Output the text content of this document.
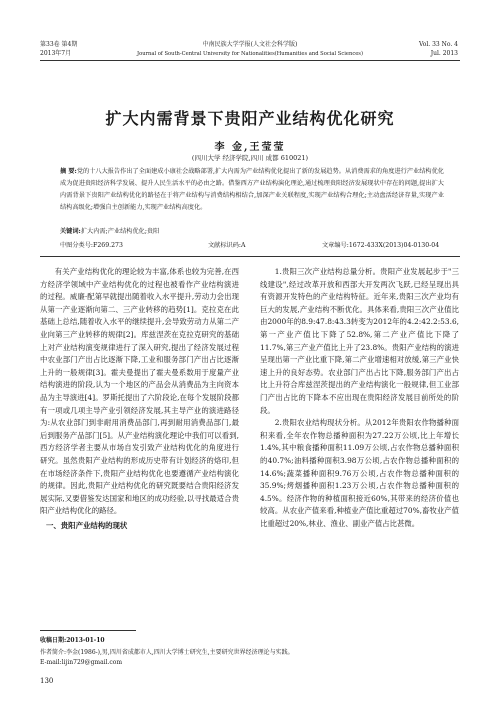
第33卷 第4期
2013年7月
中南民族大学学报(人文社会科学版)
Journal of South-Central University for Nationalities(Humanities and Social Sciences)
Vol. 33 No. 4
Jul. 2013
扩大内需背景下贵阳产业结构优化研究
李 金,王莹莹
(四川大学 经济学院,四川 成都 610021)
摘 要:党的十八大报告作出了全面建成小康社会战略部署,扩大内需为产业结构优化提出了新的发展趋势。从消费需求的角度进行产业结构优化成为促进贵阳经济科学发展、提升人民生活水平的必由之路。借鉴西方产业结构演化理论,通过梳理贵阳经济发展现状中存在的问题,提出扩大内需背景下贵阳产业结构优化的路径在于将产业结构与消费结构相结合,加深产业关联程度,实现产业结构合理化;主动盘活经济存量,实现产业结构高级化;增强自主创新能力,实现产业结构高度化。
关键词:扩大内需;产业结构优化;贵阳
中图分类号:F269.273	文献标识码:A	文章编号:1672-433X(2013)04-0130-04

有关产业结构优化的理论较为丰富,体系也较为完善,在西方经济学领域中产业结构优化的过程也被看作产业结构演进的过程。威廉·配第早就提出随着收入水平提升,劳动力会出现从第一产业逐渐向第二、三产业转移的趋势[1]。克拉克在此基础上总结,随着收入水平的继续提升,会导致劳动力从第二产业向第三产业转移的规律[2]。库兹涅茨在克拉克研究的基础上对产业结构演变规律进行了深入研究,提出了经济发展过程中农业部门产出占比逐渐下降,工业和服务部门产出占比逐渐上升的一般规律[3]。霍夫曼提出了霍夫曼系数用于度量产业结构演进的阶段,认为一个地区的产品会从消费品为主向资本品为主导演进[4]。罗斯托提出了六阶段论,在每个发展阶段都有一项或几项主导产业引领经济发展,其主导产业的演进路径为:从农业部门到非耐用消费品部门,再到耐用消费品部门,最后到服务产品部门[5]。从产业结构演化理论中我们可以看到,西方经济学者主要从市场自发引致产业结构优化的角度进行研究。虽然贵阳产业结构的形成历史带有计划经济的烙印,但在市场经济条件下,贵阳产业结构优化也要遵循产业结构演化的规律。因此,贵阳产业结构优化的研究既要结合贵阳经济发展实际,又要借鉴发达国家和地区的成功经验,以寻找最适合贵阳产业结构优化的路径。

一、贵阳产业结构的现状

1.贵阳三次产业结构总量分析。贵阳产业发展起步于"三线建设",经过改革开放和西部大开发两次飞跃,已经呈现出具有资源开发特色的产业结构特征。近年来,贵阳三次产业均有巨大的发展,产业结构不断优化。具体来看,贵阳三次产业值比由2000年的8.9:47.8:43.3转变为2012年的4.2:42.2:53.6,第一产业产值比下降了52.8%,第二产业产值比下降了11.7%,第三产业产值比上升了23.8%。贵阳产业结构的演进呈现出第一产业比重下降,第二产业增速相对放缓,第三产业快速上升的良好态势。农业部门产出占比下降,服务部门产出占比上升符合库兹涅茨提出的产业结构演化一般规律,但工业部门产出占比的下降本不应出现在贵阳经济发展目前所处的阶段。

2.贵阳农业结构现状分析。从2012年贵阳农作物播种面积来看,全年农作物总播种面积为27.22万公顷,比上年增长1.4%,其中粮食播种面积11.09万公顷,占农作物总播种面积的40.7%;油料播种面积3.98万公顷,占农作物总播种面积的14.6%;蔬菜播种面积9.76万公顷,占农作物总播种面积的35.9%;烤烟播种面积1.23万公顷,占农作物总播种面积的4.5%。经济作物的种植面积接近60%,其带来的经济价值也较高。从农业产值来看,种植业产值比重超过70%,畜牧业产值比重超过20%,林业、渔业、副业产值占比甚微。

收稿日期:2013-01-10
作者简介:李金(1986-),男,四川省成都市人,四川大学博士研究生,主要研究世界经济理论与实践。
E-mail:lijin729@gmail.com
130
